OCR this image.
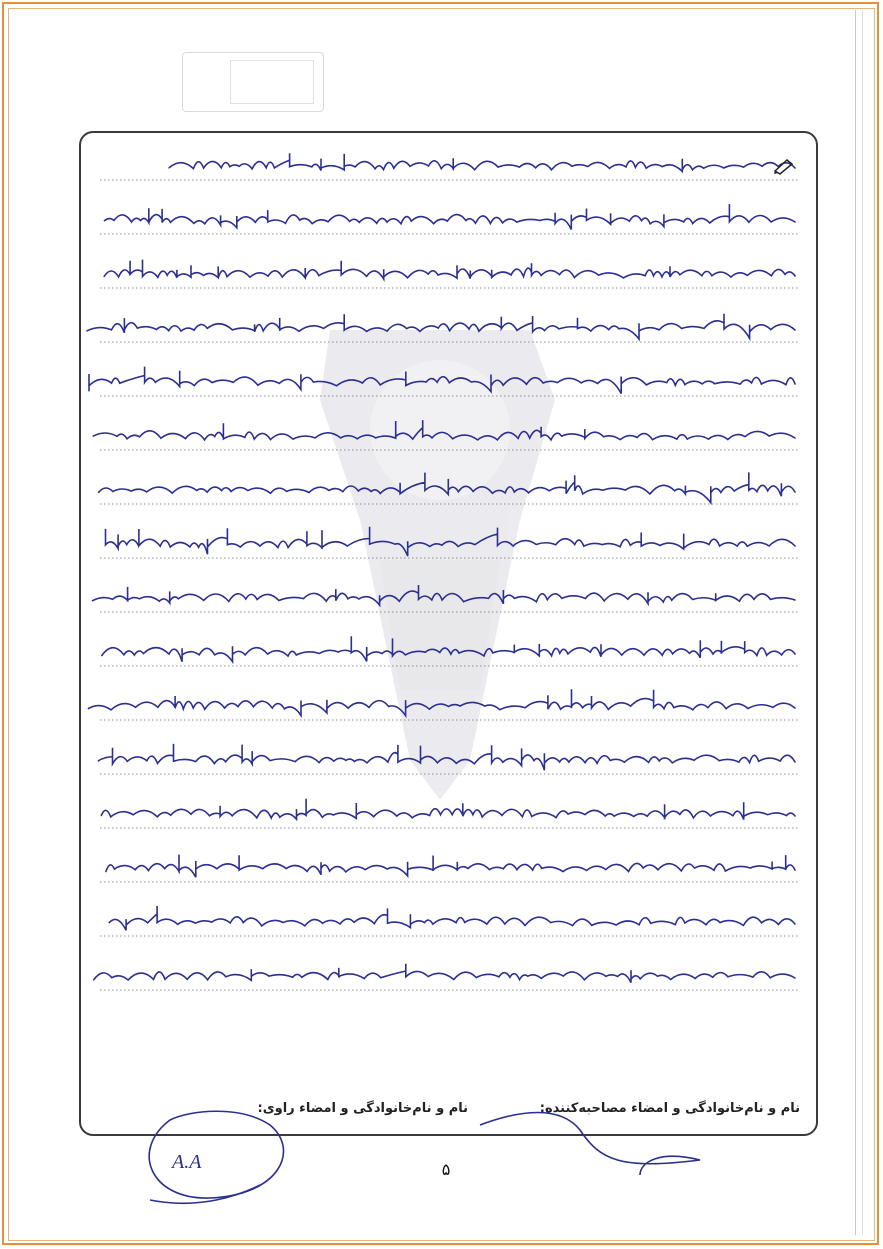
نام و نام‌خانوادگی و امضاء مصاحبه‌کننده:
نام و نام‌خانوادگی و امضاء راوی:
A.A	۵
